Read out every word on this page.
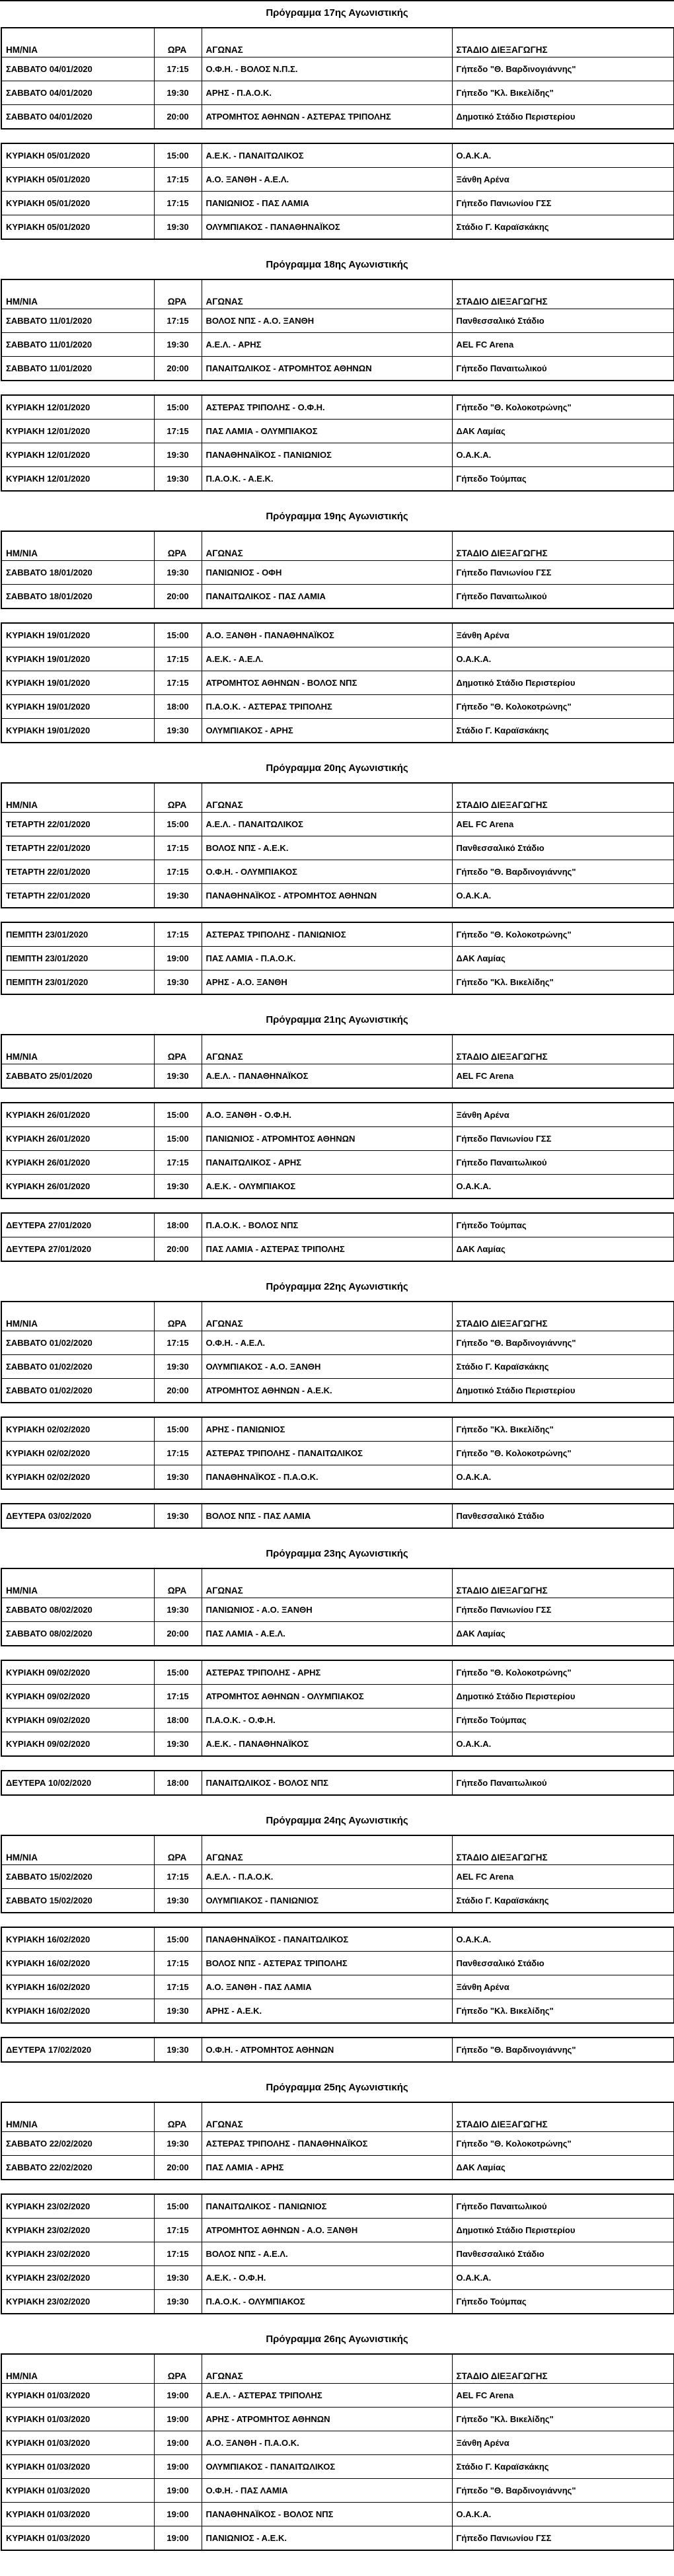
Πρόγραμμα 17ης Αγωνιστικής
ΗΜ/ΝΙΑ	ΩΡΑ	ΑΓΩΝΑΣ	ΣΤΑΔΙΟ ΔΙΕΞΑΓΩΓΗΣ
ΣΑΒΒΑΤΟ 04/01/2020	17:15	Ο.Φ.Η. - ΒΟΛΟΣ Ν.Π.Σ.	Γήπεδο "Θ. Βαρδινογιάννης"
ΣΑΒΒΑΤΟ 04/01/2020	19:30	ΑΡΗΣ - Π.Α.Ο.Κ.	Γήπεδο "Κλ. Βικελίδης"
ΣΑΒΒΑΤΟ 04/01/2020	20:00	ΑΤΡΟΜΗΤΟΣ ΑΘΗΝΩΝ - ΑΣΤΕΡΑΣ ΤΡΙΠΟΛΗΣ	Δημοτικό Στάδιο Περιστερίου
ΚΥΡΙΑΚΗ 05/01/2020	15:00	Α.Ε.Κ. - ΠΑΝΑΙΤΩΛΙΚΟΣ	Ο.Α.Κ.Α.
ΚΥΡΙΑΚΗ 05/01/2020	17:15	Α.Ο. ΞΑΝΘΗ - Α.Ε.Λ.	Ξάνθη Αρένα
ΚΥΡΙΑΚΗ 05/01/2020	17:15	ΠΑΝΙΩΝΙΟΣ - ΠΑΣ ΛΑΜΙΑ	Γήπεδο Πανιωνίου ΓΣΣ
ΚΥΡΙΑΚΗ 05/01/2020	19:30	ΟΛΥΜΠΙΑΚΟΣ - ΠΑΝΑΘΗΝΑΪΚΟΣ	Στάδιο Γ. Καραϊσκάκης
Πρόγραμμα 18ης Αγωνιστικής
ΗΜ/ΝΙΑ	ΩΡΑ	ΑΓΩΝΑΣ	ΣΤΑΔΙΟ ΔΙΕΞΑΓΩΓΗΣ
ΣΑΒΒΑΤΟ 11/01/2020	17:15	ΒΟΛΟΣ ΝΠΣ - Α.Ο. ΞΑΝΘΗ	Πανθεσσαλικό Στάδιο
ΣΑΒΒΑΤΟ 11/01/2020	19:30	Α.Ε.Λ. - ΑΡΗΣ	AEL FC Arena
ΣΑΒΒΑΤΟ 11/01/2020	20:00	ΠΑΝΑΙΤΩΛΙΚΟΣ - ΑΤΡΟΜΗΤΟΣ ΑΘΗΝΩΝ	Γήπεδο Παναιτωλικού
ΚΥΡΙΑΚΗ 12/01/2020	15:00	ΑΣΤΕΡΑΣ ΤΡΙΠΟΛΗΣ - Ο.Φ.Η.	Γήπεδο "Θ. Κολοκοτρώνης"
ΚΥΡΙΑΚΗ 12/01/2020	17:15	ΠΑΣ ΛΑΜΙΑ - ΟΛΥΜΠΙΑΚΟΣ	ΔΑΚ Λαμίας
ΚΥΡΙΑΚΗ 12/01/2020	19:30	ΠΑΝΑΘΗΝΑΪΚΟΣ - ΠΑΝΙΩΝΙΟΣ	Ο.Α.Κ.Α.
ΚΥΡΙΑΚΗ 12/01/2020	19:30	Π.Α.Ο.Κ. - Α.Ε.Κ.	Γήπεδο Τούμπας
Πρόγραμμα 19ης Αγωνιστικής
ΗΜ/ΝΙΑ	ΩΡΑ	ΑΓΩΝΑΣ	ΣΤΑΔΙΟ ΔΙΕΞΑΓΩΓΗΣ
ΣΑΒΒΑΤΟ 18/01/2020	19:30	ΠΑΝΙΩΝΙΟΣ - ΟΦΗ	Γήπεδο Πανιωνίου ΓΣΣ
ΣΑΒΒΑΤΟ 18/01/2020	20:00	ΠΑΝΑΙΤΩΛΙΚΟΣ - ΠΑΣ ΛΑΜΙΑ	Γήπεδο Παναιτωλικού
ΚΥΡΙΑΚΗ 19/01/2020	15:00	Α.Ο. ΞΑΝΘΗ - ΠΑΝΑΘΗΝΑΪΚΟΣ	Ξάνθη Αρένα
ΚΥΡΙΑΚΗ 19/01/2020	17:15	Α.Ε.Κ. - Α.Ε.Λ.	Ο.Α.Κ.Α.
ΚΥΡΙΑΚΗ 19/01/2020	17:15	ΑΤΡΟΜΗΤΟΣ ΑΘΗΝΩΝ - ΒΟΛΟΣ ΝΠΣ	Δημοτικό Στάδιο Περιστερίου
ΚΥΡΙΑΚΗ 19/01/2020	18:00	Π.Α.Ο.Κ. - ΑΣΤΕΡΑΣ ΤΡΙΠΟΛΗΣ	Γήπεδο "Θ. Κολοκοτρώνης"
ΚΥΡΙΑΚΗ 19/01/2020	19:30	ΟΛΥΜΠΙΑΚΟΣ - ΑΡΗΣ	Στάδιο Γ. Καραϊσκάκης
Πρόγραμμα 20ης Αγωνιστικής
ΗΜ/ΝΙΑ	ΩΡΑ	ΑΓΩΝΑΣ	ΣΤΑΔΙΟ ΔΙΕΞΑΓΩΓΗΣ
ΤΕΤΑΡΤΗ 22/01/2020	15:00	Α.Ε.Λ. - ΠΑΝΑΙΤΩΛΙΚΟΣ	AEL FC Arena
ΤΕΤΑΡΤΗ 22/01/2020	17:15	ΒΟΛΟΣ ΝΠΣ - Α.Ε.Κ.	Πανθεσσαλικό Στάδιο
ΤΕΤΑΡΤΗ 22/01/2020	17:15	Ο.Φ.Η. - ΟΛΥΜΠΙΑΚΟΣ	Γήπεδο "Θ. Βαρδινογιάννης"
ΤΕΤΑΡΤΗ 22/01/2020	19:30	ΠΑΝΑΘΗΝΑΪΚΟΣ - ΑΤΡΟΜΗΤΟΣ ΑΘΗΝΩΝ	Ο.Α.Κ.Α.
ΠΕΜΠΤΗ 23/01/2020	17:15	ΑΣΤΕΡΑΣ ΤΡΙΠΟΛΗΣ - ΠΑΝΙΩΝΙΟΣ	Γήπεδο "Θ. Κολοκοτρώνης"
ΠΕΜΠΤΗ 23/01/2020	19:00	ΠΑΣ ΛΑΜΙΑ - Π.Α.Ο.Κ.	ΔΑΚ Λαμίας
ΠΕΜΠΤΗ 23/01/2020	19:30	ΑΡΗΣ - Α.Ο. ΞΑΝΘΗ	Γήπεδο "Κλ. Βικελίδης"
Πρόγραμμα 21ης Αγωνιστικής
ΗΜ/ΝΙΑ	ΩΡΑ	ΑΓΩΝΑΣ	ΣΤΑΔΙΟ ΔΙΕΞΑΓΩΓΗΣ
ΣΑΒΒΑΤΟ 25/01/2020	19:30	Α.Ε.Λ. - ΠΑΝΑΘΗΝΑΪΚΟΣ	AEL FC Arena
ΚΥΡΙΑΚΗ 26/01/2020	15:00	Α.Ο. ΞΑΝΘΗ - Ο.Φ.Η.	Ξάνθη Αρένα
ΚΥΡΙΑΚΗ 26/01/2020	15:00	ΠΑΝΙΩΝΙΟΣ - ΑΤΡΟΜΗΤΟΣ ΑΘΗΝΩΝ	Γήπεδο Πανιωνίου ΓΣΣ
ΚΥΡΙΑΚΗ 26/01/2020	17:15	ΠΑΝΑΙΤΩΛΙΚΟΣ - ΑΡΗΣ	Γήπεδο Παναιτωλικού
ΚΥΡΙΑΚΗ 26/01/2020	19:30	Α.Ε.Κ. - ΟΛΥΜΠΙΑΚΟΣ	Ο.Α.Κ.Α.
ΔΕΥΤΕΡΑ 27/01/2020	18:00	Π.Α.Ο.Κ. - ΒΟΛΟΣ ΝΠΣ	Γήπεδο Τούμπας
ΔΕΥΤΕΡΑ 27/01/2020	20:00	ΠΑΣ ΛΑΜΙΑ - ΑΣΤΕΡΑΣ ΤΡΙΠΟΛΗΣ	ΔΑΚ Λαμίας
Πρόγραμμα 22ης Αγωνιστικής
ΗΜ/ΝΙΑ	ΩΡΑ	ΑΓΩΝΑΣ	ΣΤΑΔΙΟ ΔΙΕΞΑΓΩΓΗΣ
ΣΑΒΒΑΤΟ 01/02/2020	17:15	Ο.Φ.Η. - Α.Ε.Λ.	Γήπεδο "Θ. Βαρδινογιάννης"
ΣΑΒΒΑΤΟ 01/02/2020	19:30	ΟΛΥΜΠΙΑΚΟΣ - Α.Ο. ΞΑΝΘΗ	Στάδιο Γ. Καραϊσκάκης
ΣΑΒΒΑΤΟ 01/02/2020	20:00	ΑΤΡΟΜΗΤΟΣ ΑΘΗΝΩΝ - Α.Ε.Κ.	Δημοτικό Στάδιο Περιστερίου
ΚΥΡΙΑΚΗ 02/02/2020	15:00	ΑΡΗΣ - ΠΑΝΙΩΝΙΟΣ	Γήπεδο "Κλ. Βικελίδης"
ΚΥΡΙΑΚΗ 02/02/2020	17:15	ΑΣΤΕΡΑΣ ΤΡΙΠΟΛΗΣ - ΠΑΝΑΙΤΩΛΙΚΟΣ	Γήπεδο "Θ. Κολοκοτρώνης"
ΚΥΡΙΑΚΗ 02/02/2020	19:30	ΠΑΝΑΘΗΝΑΪΚΟΣ - Π.Α.Ο.Κ.	Ο.Α.Κ.Α.
ΔΕΥΤΕΡΑ 03/02/2020	19:30	ΒΟΛΟΣ ΝΠΣ - ΠΑΣ ΛΑΜΙΑ	Πανθεσσαλικό Στάδιο
Πρόγραμμα 23ης Αγωνιστικής
ΗΜ/ΝΙΑ	ΩΡΑ	ΑΓΩΝΑΣ	ΣΤΑΔΙΟ ΔΙΕΞΑΓΩΓΗΣ
ΣΑΒΒΑΤΟ 08/02/2020	19:30	ΠΑΝΙΩΝΙΟΣ - Α.Ο. ΞΑΝΘΗ	Γήπεδο Πανιωνίου ΓΣΣ
ΣΑΒΒΑΤΟ 08/02/2020	20:00	ΠΑΣ ΛΑΜΙΑ - Α.Ε.Λ.	ΔΑΚ Λαμίας
ΚΥΡΙΑΚΗ 09/02/2020	15:00	ΑΣΤΕΡΑΣ ΤΡΙΠΟΛΗΣ - ΑΡΗΣ	Γήπεδο "Θ. Κολοκοτρώνης"
ΚΥΡΙΑΚΗ 09/02/2020	17:15	ΑΤΡΟΜΗΤΟΣ ΑΘΗΝΩΝ - ΟΛΥΜΠΙΑΚΟΣ	Δημοτικό Στάδιο Περιστερίου
ΚΥΡΙΑΚΗ 09/02/2020	18:00	Π.Α.Ο.Κ. - Ο.Φ.Η.	Γήπεδο Τούμπας
ΚΥΡΙΑΚΗ 09/02/2020	19:30	Α.Ε.Κ. - ΠΑΝΑΘΗΝΑΪΚΟΣ	Ο.Α.Κ.Α.
ΔΕΥΤΕΡΑ 10/02/2020	18:00	ΠΑΝΑΙΤΩΛΙΚΟΣ - ΒΟΛΟΣ ΝΠΣ	Γήπεδο Παναιτωλικού
Πρόγραμμα 24ης Αγωνιστικής
ΗΜ/ΝΙΑ	ΩΡΑ	ΑΓΩΝΑΣ	ΣΤΑΔΙΟ ΔΙΕΞΑΓΩΓΗΣ
ΣΑΒΒΑΤΟ 15/02/2020	17:15	Α.Ε.Λ. - Π.Α.Ο.Κ.	AEL FC Arena
ΣΑΒΒΑΤΟ 15/02/2020	19:30	ΟΛΥΜΠΙΑΚΟΣ - ΠΑΝΙΩΝΙΟΣ	Στάδιο Γ. Καραϊσκάκης
ΚΥΡΙΑΚΗ 16/02/2020	15:00	ΠΑΝΑΘΗΝΑΪΚΟΣ - ΠΑΝΑΙΤΩΛΙΚΟΣ	Ο.Α.Κ.Α.
ΚΥΡΙΑΚΗ 16/02/2020	17:15	ΒΟΛΟΣ ΝΠΣ - ΑΣΤΕΡΑΣ ΤΡΙΠΟΛΗΣ	Πανθεσσαλικό Στάδιο
ΚΥΡΙΑΚΗ 16/02/2020	17:15	Α.Ο. ΞΑΝΘΗ - ΠΑΣ ΛΑΜΙΑ	Ξάνθη Αρένα
ΚΥΡΙΑΚΗ 16/02/2020	19:30	ΑΡΗΣ - Α.Ε.Κ.	Γήπεδο "Κλ. Βικελίδης"
ΔΕΥΤΕΡΑ 17/02/2020	19:30	Ο.Φ.Η. - ΑΤΡΟΜΗΤΟΣ ΑΘΗΝΩΝ	Γήπεδο "Θ. Βαρδινογιάννης"
Πρόγραμμα 25ης Αγωνιστικής
ΗΜ/ΝΙΑ	ΩΡΑ	ΑΓΩΝΑΣ	ΣΤΑΔΙΟ ΔΙΕΞΑΓΩΓΗΣ
ΣΑΒΒΑΤΟ 22/02/2020	19:30	ΑΣΤΕΡΑΣ ΤΡΙΠΟΛΗΣ - ΠΑΝΑΘΗΝΑΪΚΟΣ	Γήπεδο "Θ. Κολοκοτρώνης"
ΣΑΒΒΑΤΟ 22/02/2020	20:00	ΠΑΣ ΛΑΜΙΑ - ΑΡΗΣ	ΔΑΚ Λαμίας
ΚΥΡΙΑΚΗ 23/02/2020	15:00	ΠΑΝΑΙΤΩΛΙΚΟΣ - ΠΑΝΙΩΝΙΟΣ	Γήπεδο Παναιτωλικού
ΚΥΡΙΑΚΗ 23/02/2020	17:15	ΑΤΡΟΜΗΤΟΣ ΑΘΗΝΩΝ - Α.Ο. ΞΑΝΘΗ	Δημοτικό Στάδιο Περιστερίου
ΚΥΡΙΑΚΗ 23/02/2020	17:15	ΒΟΛΟΣ ΝΠΣ - Α.Ε.Λ.	Πανθεσσαλικό Στάδιο
ΚΥΡΙΑΚΗ 23/02/2020	19:30	Α.Ε.Κ. - Ο.Φ.Η.	Ο.Α.Κ.Α.
ΚΥΡΙΑΚΗ 23/02/2020	19:30	Π.Α.Ο.Κ. - ΟΛΥΜΠΙΑΚΟΣ	Γήπεδο Τούμπας
Πρόγραμμα 26ης Αγωνιστικής
ΗΜ/ΝΙΑ	ΩΡΑ	ΑΓΩΝΑΣ	ΣΤΑΔΙΟ ΔΙΕΞΑΓΩΓΗΣ
ΚΥΡΙΑΚΗ 01/03/2020	19:00	Α.Ε.Λ. - ΑΣΤΕΡΑΣ ΤΡΙΠΟΛΗΣ	AEL FC Arena
ΚΥΡΙΑΚΗ 01/03/2020	19:00	ΑΡΗΣ - ΑΤΡΟΜΗΤΟΣ ΑΘΗΝΩΝ	Γήπεδο "Κλ. Βικελίδης"
ΚΥΡΙΑΚΗ 01/03/2020	19:00	Α.Ο. ΞΑΝΘΗ - Π.Α.Ο.Κ.	Ξάνθη Αρένα
ΚΥΡΙΑΚΗ 01/03/2020	19:00	ΟΛΥΜΠΙΑΚΟΣ - ΠΑΝΑΙΤΩΛΙΚΟΣ	Στάδιο Γ. Καραϊσκάκης
ΚΥΡΙΑΚΗ 01/03/2020	19:00	Ο.Φ.Η. - ΠΑΣ ΛΑΜΙΑ	Γήπεδο "Θ. Βαρδινογιάννης"
ΚΥΡΙΑΚΗ 01/03/2020	19:00	ΠΑΝΑΘΗΝΑΪΚΟΣ - ΒΟΛΟΣ ΝΠΣ	Ο.Α.Κ.Α.
ΚΥΡΙΑΚΗ 01/03/2020	19:00	ΠΑΝΙΩΝΙΟΣ - Α.Ε.Κ.	Γήπεδο Πανιωνίου ΓΣΣ
